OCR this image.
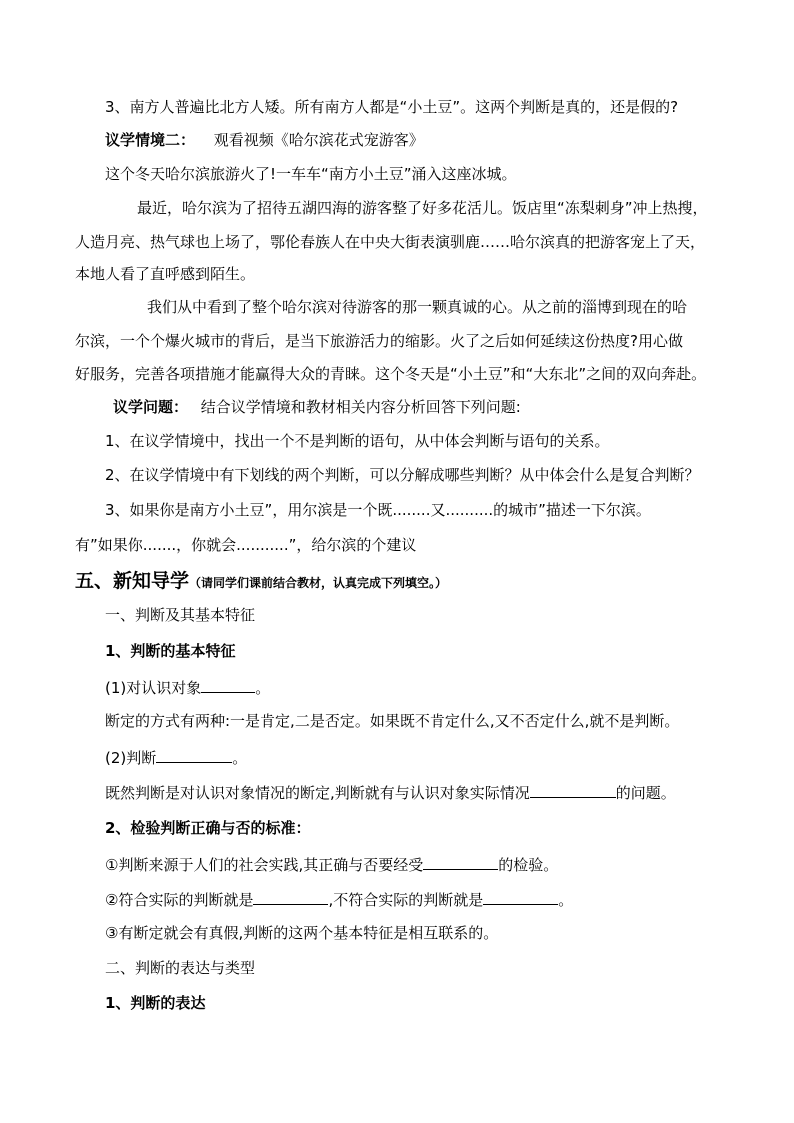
3、南方人普遍比北方人矮。所有南方人都是“小土豆”。这两个判断是真的，还是假的?
议学情境二： 观看视频《哈尔滨花式宠游客》
这个冬天哈尔滨旅游火了!一车车“南方小土豆”涌入这座冰城。
最近，哈尔滨为了招待五湖四海的游客整了好多花活儿。饭店里“冻梨刺身”冲上热搜，
人造月亮、热气球也上场了，鄂伦春族人在中央大街表演驯鹿……哈尔滨真的把游客宠上了天，
本地人看了直呼感到陌生。
我们从中看到了整个哈尔滨对待游客的那一颗真诚的心。从之前的淄博到现在的哈
尔滨，一个个爆火城市的背后，是当下旅游活力的缩影。火了之后如何延续这份热度?用心做
好服务，完善各项措施才能赢得大众的青睐。这个冬天是“小土豆”和“大东北”之间的双向奔赴。
议学问题： 结合议学情境和教材相关内容分析回答下列问题:
1、在议学情境中，找出一个不是判断的语句，从中体会判断与语句的关系。
2、在议学情境中有下划线的两个判断，可以分解成哪些判断？从中体会什么是复合判断？
3、如果你是南方小土豆”，用尔滨是一个既........又..........的城市”描述一下尔滨。
有”如果你.......，你就会...........”，给尔滨的个建议
五、新知导学（请同学们课前结合教材，认真完成下列填空。）
一、判断及其基本特征
1、判断的基本特征
(1)对认识对象	。
断定的方式有两种:一是肯定,二是否定。如果既不肯定什么,又不否定什么,就不是判断。
(2)判断	。
既然判断是对认识对象情况的断定,判断就有与认识对象实际情况	的问题。
2、检验判断正确与否的标准：
①判断来源于人们的社会实践,其正确与否要经受	的检验。
②符合实际的判断就是	,不符合实际的判断就是	。
③有断定就会有真假,判断的这两个基本特征是相互联系的。
二、判断的表达与类型
1、判断的表达
